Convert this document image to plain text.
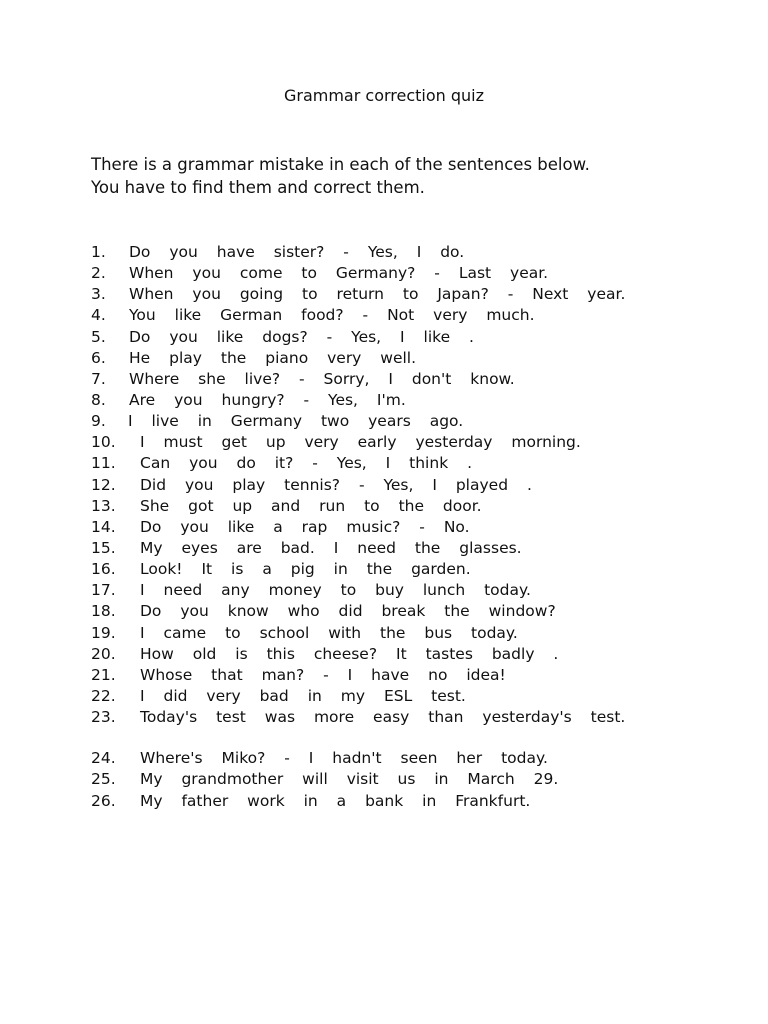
Grammar correction quiz
There is a grammar mistake in each of the sentences below.
You have to find them and correct them.
1. Do you have sister? - Yes, I do.
2. When you come to Germany? - Last year.
3. When you going to return to Japan? - Next year.
4. You like German food? - Not very much.
5. Do you like dogs? - Yes, I like .
6. He play the piano very well.
7. Where she live? - Sorry, I don't know.
8. Are you hungry? - Yes, I'm.
9. I live in Germany two years ago.
10. I must get up very early yesterday morning.
11. Can you do it? - Yes, I think .
12. Did you play tennis? - Yes, I played .
13. She got up and run to the door.
14. Do you like a rap music? - No.
15. My eyes are bad. I need the glasses.
16. Look! It is a pig in the garden.
17. I need any money to buy lunch today.
18. Do you know who did break the window?
19. I came to school with the bus today.
20. How old is this cheese? It tastes badly .
21. Whose that man? - I have no idea!
22. I did very bad in my ESL test.
23. Today's test was more easy than yesterday's test.
24. Where's Miko? - I hadn't seen her today.
25. My grandmother will visit us in March 29.
26. My father work in a bank in Frankfurt.
